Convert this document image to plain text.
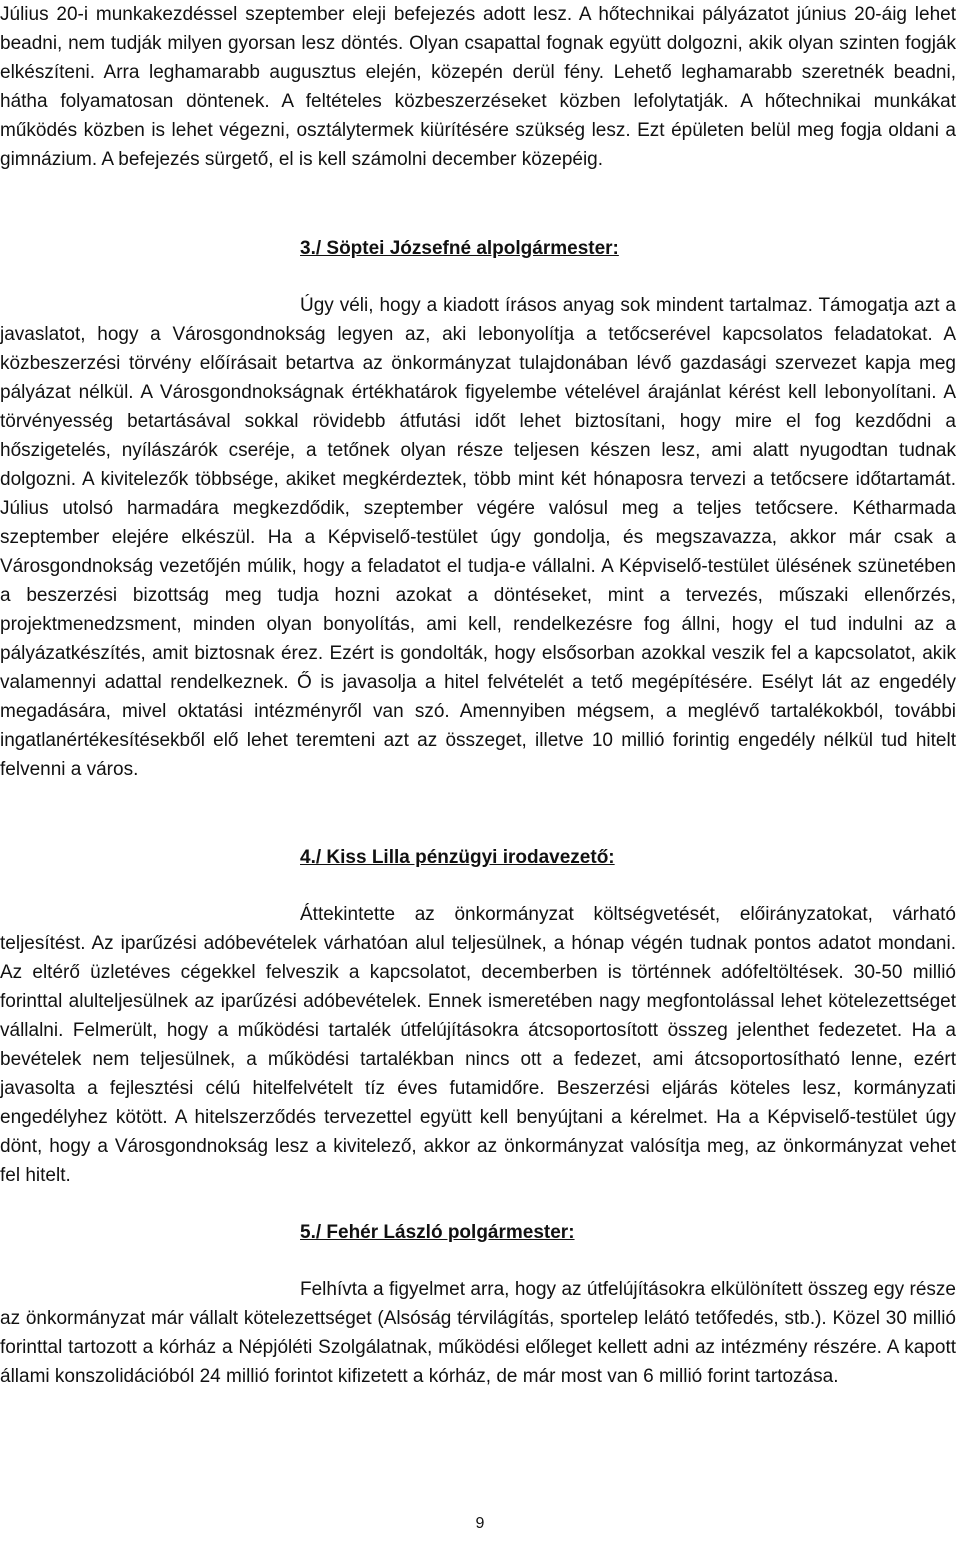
Július 20-i munkakezdéssel szeptember eleji befejezés adott lesz. A hőtechnikai pályázatot június 20-áig lehet beadni, nem tudják milyen gyorsan lesz döntés. Olyan csapattal fognak együtt dolgozni, akik olyan szinten fogják elkészíteni. Arra leghamarabb augusztus elején, közepén derül fény. Lehető leghamarabb szeretnék beadni, hátha folyamatosan döntenek. A feltételes közbeszerzéseket közben lefolytatják. A hőtechnikai munkákat működés közben is lehet végezni, osztálytermek kiürítésére szükség lesz. Ezt épületen belül meg fogja oldani a gimnázium. A befejezés sürgető, el is kell számolni december közepéig.

3./ Söptei Józsefné alpolgármester:

Úgy véli, hogy a kiadott írásos anyag sok mindent tartalmaz. Támogatja azt a javaslatot, hogy a Városgondnokság legyen az, aki lebonyolítja a tetőcserével kapcsolatos feladatokat. A közbeszerzési törvény előírásait betartva az önkormányzat tulajdonában lévő gazdasági szervezet kapja meg pályázat nélkül. A Városgondnokságnak értékhatárok figyelembe vételével árajánlat kérést kell lebonyolítani. A törvényesség betartásával sokkal rövidebb átfutási időt lehet biztosítani, hogy mire el fog kezdődni a hőszigetelés, nyílászárók cseréje, a tetőnek olyan része teljesen készen lesz, ami alatt nyugodtan tudnak dolgozni. A kivitelezők többsége, akiket megkérdeztek, több mint két hónaposra tervezi a tetőcsere időtartamát. Július utolsó harmadára megkezdődik, szeptember végére valósul meg a teljes tetőcsere. Kétharmada szeptember elejére elkészül. Ha a Képviselő-testület úgy gondolja, és megszavazza, akkor már csak a Városgondnokság vezetőjén múlik, hogy a feladatot el tudja-e vállalni. A Képviselő-testület ülésének szünetében a beszerzési bizottság meg tudja hozni azokat a döntéseket, mint a tervezés, műszaki ellenőrzés, projektmenedzsment, minden olyan bonyolítás, ami kell, rendelkezésre fog állni, hogy el tud indulni az a pályázatkészítés, amit biztosnak érez. Ezért is gondolták, hogy elsősorban azokkal veszik fel a kapcsolatot, akik valamennyi adattal rendelkeznek. Ő is javasolja a hitel felvételét a tető megépítésére. Esélyt lát az engedély megadására, mivel oktatási intézményről van szó. Amennyiben mégsem, a meglévő tartalékokból, további ingatlanértékesítésekből elő lehet teremteni azt az összeget, illetve 10 millió forintig engedély nélkül tud hitelt felvenni a város.

4./ Kiss Lilla pénzügyi irodavezető:

Áttekintette az önkormányzat költségvetését, előirányzatokat, várható teljesítést. Az iparűzési adóbevételek várhatóan alul teljesülnek, a hónap végén tudnak pontos adatot mondani. Az eltérő üzletéves cégekkel felveszik a kapcsolatot, decemberben is történnek adófeltöltések. 30-50 millió forinttal alulteljesülnek az iparűzési adóbevételek. Ennek ismeretében nagy megfontolással lehet kötelezettséget vállalni. Felmerült, hogy a működési tartalék útfelújításokra átcsoportosított összeg jelenthet fedezetet. Ha a bevételek nem teljesülnek, a működési tartalékban nincs ott a fedezet, ami átcsoportosítható lenne, ezért javasolta a fejlesztési célú hitelfelvételt tíz éves futamidőre. Beszerzési eljárás köteles lesz, kormányzati engedélyhez kötött. A hitelszerződés tervezettel együtt kell benyújtani a kérelmet. Ha a Képviselő-testület úgy dönt, hogy a Városgondnokság lesz a kivitelező, akkor az önkormányzat valósítja meg, az önkormányzat vehet fel hitelt.

5./ Fehér László polgármester:

Felhívta a figyelmet arra, hogy az útfelújításokra elkülönített összeg egy része az önkormányzat már vállalt kötelezettséget (Alsóság térvilágítás, sportelep lelátó tetőfedés, stb.). Közel 30 millió forinttal tartozott a kórház a Népjóléti Szolgálatnak, működési előleget kellett adni az intézmény részére. A kapott állami konszolidációból 24 millió forintot kifizetett a kórház, de már most van 6 millió forint tartozása.

9
